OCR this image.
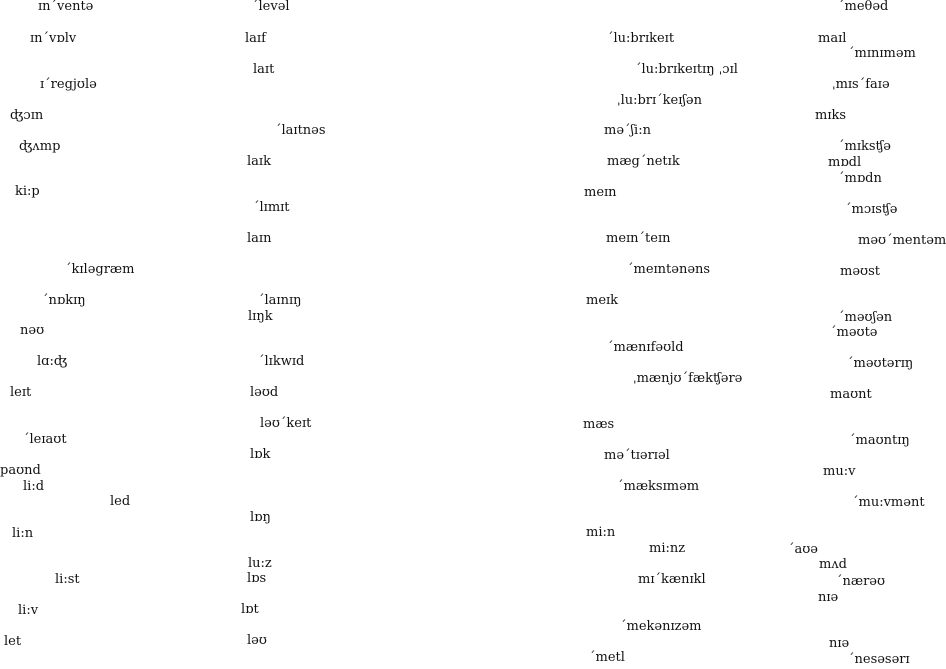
ɪnˊventə
ɪnˊvɒlv
ɪˊregjʊlə
ʤɔɪn
ʤʌmp
ki:p
ˊkɪləgræm
ˊnɒkɪŋ
nəʊ
lɑ:ʤ
leɪt
ˊleɪaʊt
paʊnd
li:d
led
li:n
li:st
li:v
let
ˊlevəl
laɪf
laɪt
ˊlaɪtnəs
laɪk
ˊlɪmɪt
laɪn
ˊlaɪnɪŋ
lɪŋk
ˊlɪkwɪd
ləʊd
ləʊˊkeɪt
lɒk
lɒŋ
lu:z
lɒs
lɒt
ləʊ
ˊlu:brɪkeɪt
ˊlu:brɪkeɪtɪŋ ˌɔɪl
ˌlu:brɪˊkeɪʃən
məˊʃi:n
mægˊnetɪk
meɪn
meɪnˊteɪn
ˊmeɪntənəns
meɪk
ˊmænɪfəʊld
ˌmænjʊˊfækʧərə
mæs
məˊtɪərɪəl
ˊmæksɪməm
mi:n
mi:nz
mɪˊkænɪkl
ˊmekənɪzəm
ˊmetl
ˊmeθəd
maɪl
ˊmɪnɪməm
ˌmɪsˊfaɪə
mɪks
ˊmɪksʧə
mɒdl
ˊmɒdn
ˊmɔɪsʧə
məʊˊmentəm
məʊst
ˊməʊʃən
ˊməʊtə
ˊməʊtərɪŋ
maʊnt
ˊmaʊntɪŋ
mu:v
ˊmu:vmənt
ˊaʊə
mʌd
ˊnærəʊ
nɪə
nɪə
ˊnesəsərɪ
